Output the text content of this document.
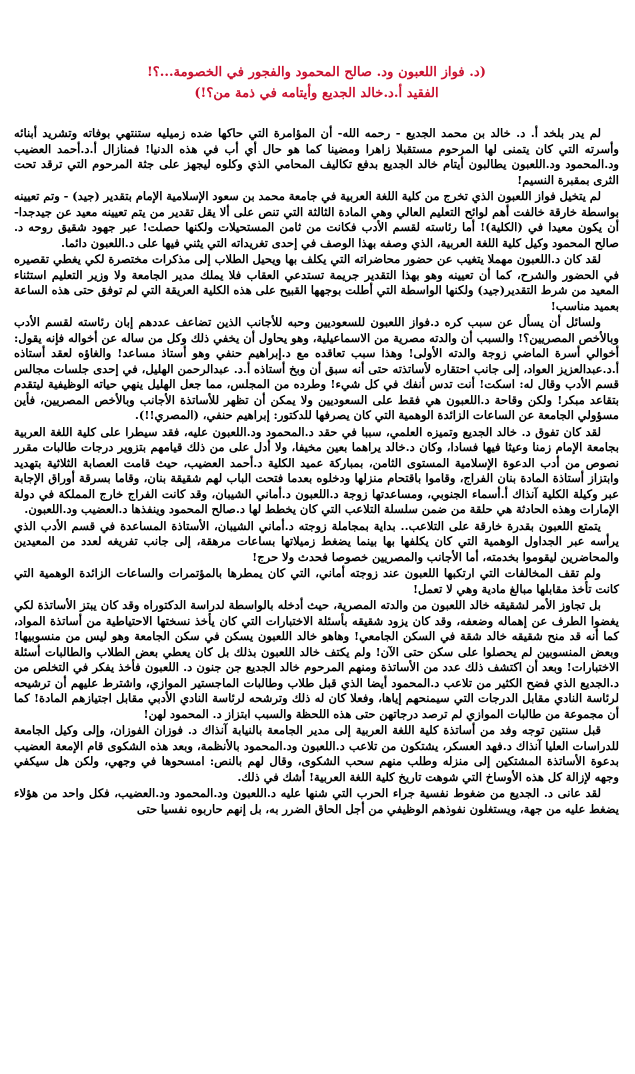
(د. فواز اللعبون ود. صالح المحمود والفجور في الخصومة...؟!
الفقيد أ.د.خالد الجديع وأيتامه في ذمة من؟!)

لم يدر بلخد أ. د. خالد بن محمد الجديع - رحمه الله- أن المؤامرة التي حاكها ضده زميليه ستنتهي بوفاته وتشريد أبنائه وأسرته التي كان يتمنى لها المرحوم مستقبلا زاهرا ومضينا كما هو حال أي أب في هذه الدنيا! فمنازال أ.د.أحمد العضيب ود.المحمود ود.اللعبون يطالبون أيتام خالد الجديع بدفع تكاليف المحامي الذي وكلوه ليجهز على جثة المرحوم التي ترقد تحت الثرى بمقبرة النسيم!

لم يتخيل فواز اللعبون الذي تخرج من كلية اللغة العربية في جامعة محمد بن سعود الإسلامية الإمام بتقدير (جيد) - وتم تعيينه بواسطة خارقة خالفت أهم لوائح التعليم العالي وهي المادة الثالثة التي تنص على ألا يقل تقدير من يتم تعيينه معيد عن جيدجدا- أن يكون معيدا في (الكلية)! أما رئاسته لقسم الأدب فكانت من ثامن المستحيلات ولكنها حصلت! عبر جهود شقيق روحه د. صالح المحمود وكيل كلية اللغة العربية، الذي وصفه بهذا الوصف في إحدى تغريداته التي يثني فيها على د.اللعبون دائما.

لقد كان د.اللعبون مهملا يتغيب عن حضور محاضراته التي يكلف بها ويحيل الطلاب إلى مذكرات مختصرة لكي يغطي تقصيره في الحضور والشرح، كما أن تعيينه وهو بهذا التقدير جريمة تستدعي العقاب فلا يملك مدير الجامعة ولا وزير التعليم استثناء المعيد من شرط التقدير(جيد) ولكنها الواسطة التي أطلت بوجهها القبيح على هذه الكلية العريقة التي لم توفق حتى هذه الساعة بعميد مناسب!

ولسائل أن يسأل عن سبب كره د.فواز اللعبون للسعوديين وحبه للأجانب الذين تضاعف عددهم إبان رئاسته لقسم الأدب وبالأخص المصريين؟! والسبب أن والدته مصرية من الاسماعيلية، وهو يحاول أن يخفي ذلك وكل من ساله عن أخواله فإنه يقول: أخوالي أسرة الماضي زوجة والدته الأولى! وهذا سبب تعاقده مع د.إبراهيم حنفي وهو أستاذ مساعد! والغاؤه لعقد أستاذه أ.د.عبدالعزيز العواد، إلى جانب احتقاره لأساتذته حتى أنه سبق أن وبخ أستاذه أ.د. عبدالرحمن الهليل، في إحدى جلسات مجالس قسم الأدب وقال له: اسكت! أنت تدس أنفك في كل شيء! وطرده من المجلس، مما جعل الهليل ينهي حياته الوظيفية ليتقدم بتقاعد مبكر! ولكن وقاحة د.اللعبون هي فقط على السعوديين ولا يمكن أن تظهر للأساتذة الأجانب وبالأخص المصريين، فأين مسؤولي الجامعة عن الساعات الزائدة الوهمية التي كان يصرفها للدكتور: إبراهيم حنفي، (المصري!!).

لقد كان تفوق د. خالد الجديع وتميزه العلمي، سببا في حقد د.المحمود ود.اللعبون عليه، فقد سيطرا على كلية اللغة العربية بجامعة الإمام زمنا وعيثا فيها فسادا، وكان د.خالد يراهما بعين مخيفا، ولا أدل على من ذلك قيامهم بتزوير درجات طالبات مقرر نصوص من أدب الدعوة الإسلامية المستوى الثامن، بمباركة عميد الكلية د.أحمد العضيب، حيث قامت العصابة الثلاثية بتهديد وابتزاز أستاذة المادة بنان الفراج، وقاموا باقتحام منزلها ودخلوه بعدما فتحت الباب لهم شقيقة بنان، وقاما بسرقة أوراق الإجابة عبر وكيلة الكلية آنذاك أ.أسماء الجنوبي، ومساعدتها زوجة د.اللعبون د.أماني الشيبان، وقد كانت الفراج خارج المملكة في دولة الإمارات وهذه الحادثة هي حلقة من ضمن سلسلة التلاعب التي كان يخطط لها د.صالح المحمود وينفذها د.العضيب ود.اللعبون.

يتمتع اللعبون بقدرة خارقة على التلاعب.. بداية بمجاملة زوجته د.أماني الشيبان، الأستاذة المساعدة في قسم الأدب الذي يرأسه عبر الجداول الوهمية التي كان يكلفها بها بينما يضغط زميلاتها بساعات مرهقة، إلى جانب تفريغه لعدد من المعيدين والمحاضرين ليقوموا بخدمته، أما الأجانب والمصريين خصوصا فحدث ولا حرج!

ولم تقف المخالفات التي ارتكبها اللعبون عند زوجته أماني، التي كان يمطرها بالمؤتمرات والساعات الزائدة الوهمية التي كانت تأخذ مقابلها مبالغ مادية وهي لا تعمل!

بل تجاوز الأمر لشقيقه خالد اللعبون من والدته المصرية، حيث أدخله بالواسطة لدراسة الدكتوراه وقد كان يبتز الأساتذة لكي يغضوا الطرف عن إهماله وضعفه، وقد كان يزود شقيقه بأسئلة الاختبارات التي كان يأخذ نسختها الاحتياطية من أساتذة المواد، كما أنه قد منح شقيقه خالد شقة في السكن الجامعي! وهاهو خالد اللعبون يسكن في سكن الجامعة وهو ليس من منسوبيها! وبعض المنسوبين لم يحصلوا على سكن حتى الآن! ولم يكتف خالد اللعبون بذلك بل كان يعطي بعض الطلاب والطالبات أسئلة الاختبارات! وبعد أن اكتشف ذلك عدد من الأساتذة ومنهم المرحوم خالد الجديع جن جنون د. اللعبون فأخذ يفكر في التخلص من د.الجديع الذي فضح الكثير من تلاعب د.المحمود أيضا الذي قبل طلاب وطالبات الماجستير الموازي، واشترط عليهم أن ترشيحه لرئاسة النادي مقابل الدرجات التي سيمنحهم إياها، وفعلا كان له ذلك وترشحه لرئاسة النادي الأدبي مقابل اجتيازهم المادة! كما أن مجموعة من طالبات الموازي لم ترصد درجاتهن حتى هذه اللحظة والسبب ابتزاز د. المحمود لهن!

قبل سنتين توجه وفد من أساتذة كلية اللغة العربية إلى مدير الجامعة بالنيابة آنذاك د. فوزان الفوزان، وإلى وكيل الجامعة للدراسات العليا آنذاك د.فهد العسكر، يشتكون من تلاعب د.اللعبون ود.المحمود بالأنظمة، وبعد هذه الشكوى قام الإمعة العضيب بدعوة الأساتذة المشتكين إلى منزله وطلب منهم سحب الشكوى، وقال لهم بالنص: امسحوها في وجهي، ولكن هل سيكفي وجهه لإزالة كل هذه الأوساخ التي شوهت تاريخ كلية اللغة العربية! أشك في ذلك.

لقد عانى د. الجديع من ضغوط نفسية جراء الحرب التي شنها عليه د.اللعبون ود.المحمود ود.العضيب، فكل واحد من هؤلاء يضغط عليه من جهة، ويستغلون نفوذهم الوظيفي من أجل الحاق الضرر به، بل إنهم حاربوه نفسيا حتى
